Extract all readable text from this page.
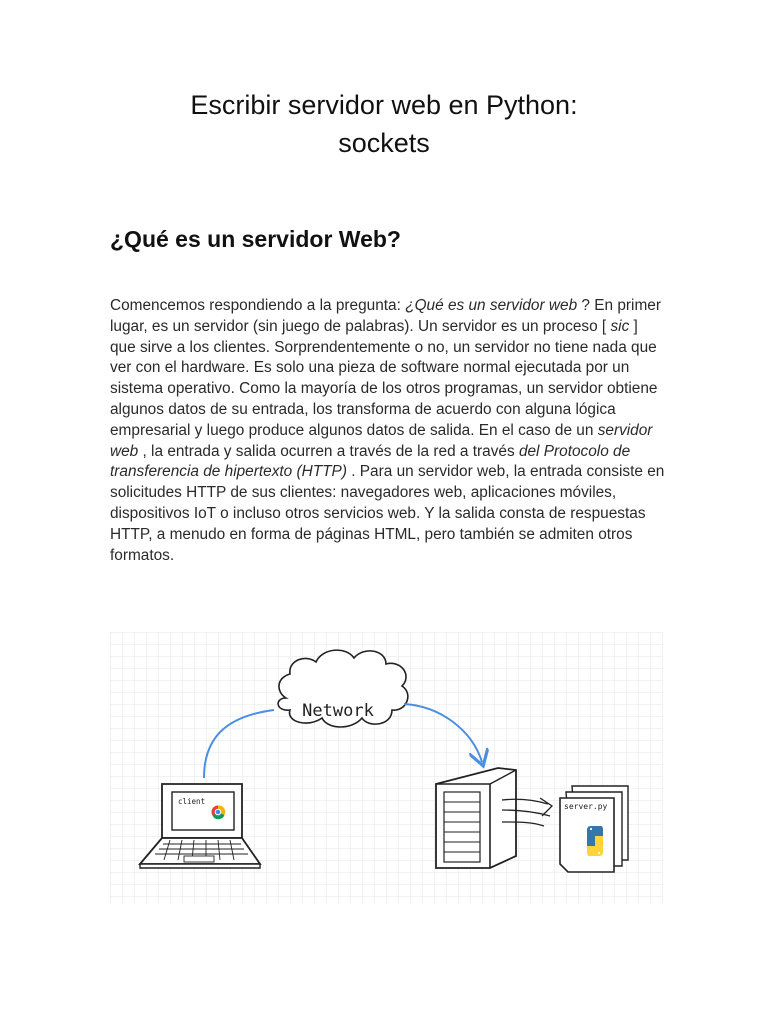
Escribir servidor web en Python:
sockets
¿Qué es un servidor Web?

Comencemos respondiendo a la pregunta: ¿Qué es un servidor web ? En primer lugar, es un servidor (sin juego de palabras). Un servidor es un proceso [ sic ] que sirve a los clientes. Sorprendentemente o no, un servidor no tiene nada que ver con el hardware. Es solo una pieza de software normal ejecutada por un sistema operativo. Como la mayoría de los otros programas, un servidor obtiene algunos datos de su entrada, los transforma de acuerdo con alguna lógica empresarial y luego produce algunos datos de salida. En el caso de un servidor web , la entrada y salida ocurren a través de la red a través del Protocolo de transferencia de hipertexto (HTTP) . Para un servidor web, la entrada consiste en solicitudes HTTP de sus clientes: navegadores web, aplicaciones móviles, dispositivos IoT o incluso otros servicios web. Y la salida consta de respuestas HTTP, a menudo en forma de páginas HTML, pero también se admiten otros formatos.

Network
client
server.py
